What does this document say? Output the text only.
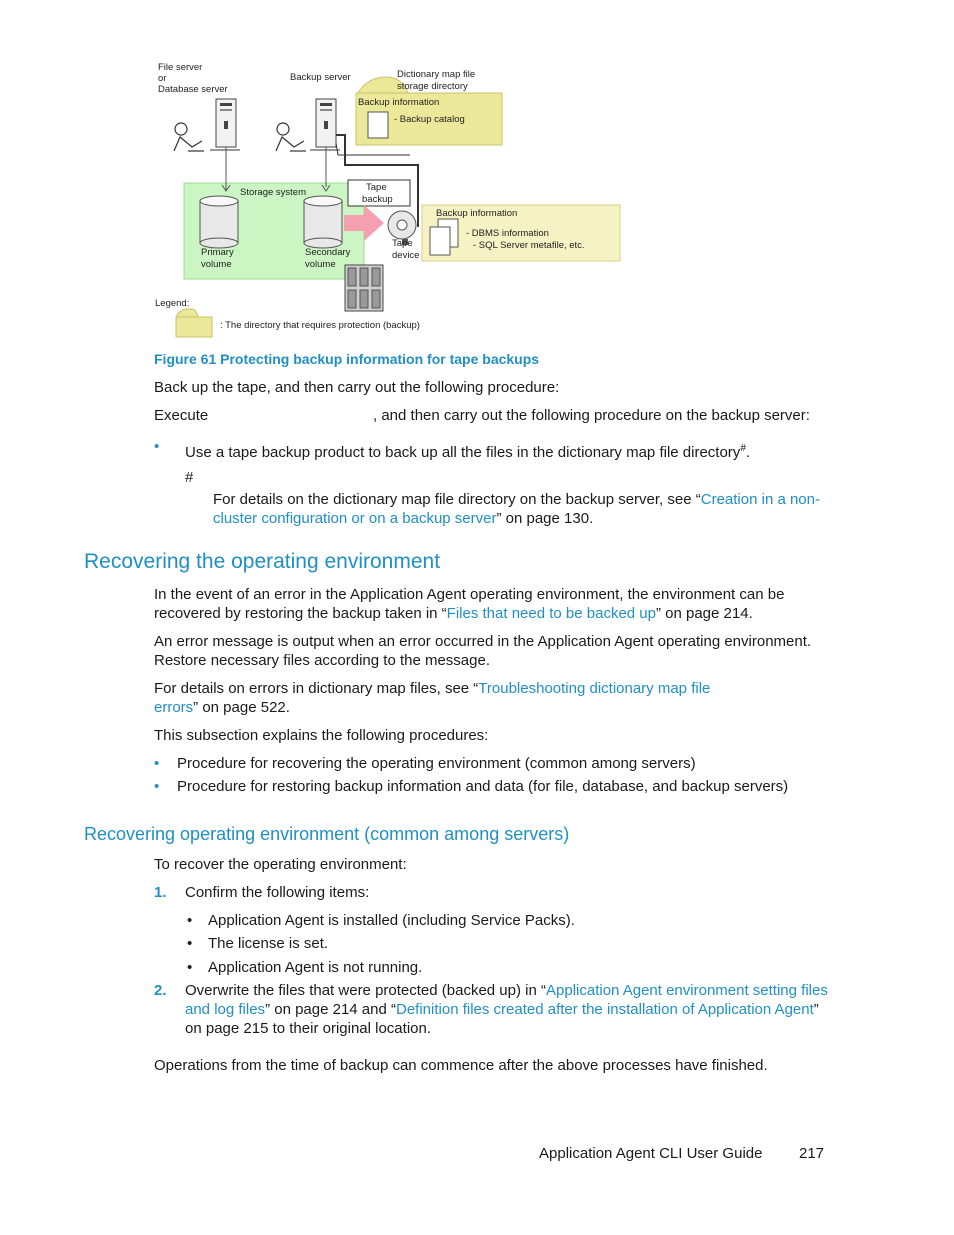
File server
or
Database server
Backup server	Dictionary map file
storage directory
Backup information
- Backup catalog
Storage system	Tape
backup
Backup information
- DBMS information
- SQL Server metafile, etc.
Primary
volume
Secondary
volume
Tape
device
Legend:
: The directory that requires protection (backup)
Figure 61 Protecting backup information for tape backups
Back up the tape, and then carry out the following procedure:
Execute	, and then carry out the following procedure on the backup server:
• Use a tape backup product to back up all the files in the dictionary map file directory#.
#
For details on the dictionary map file directory on the backup server, see “Creation in a non-cluster configuration or on a backup server” on page 130.
Recovering the operating environment
In the event of an error in the Application Agent operating environment, the environment can be recovered by restoring the backup taken in “Files that need to be backed up” on page 214.
An error message is output when an error occurred in the Application Agent operating environment. Restore necessary files according to the message.
For details on errors in dictionary map files, see “Troubleshooting dictionary map file errors” on page 522.
This subsection explains the following procedures:
• Procedure for recovering the operating environment (common among servers)
• Procedure for restoring backup information and data (for file, database, and backup servers)
Recovering operating environment (common among servers)
To recover the operating environment:
1. Confirm the following items:
• Application Agent is installed (including Service Packs).
• The license is set.
• Application Agent is not running.
2. Overwrite the files that were protected (backed up) in “Application Agent environment setting files and log files” on page 214 and “Definition files created after the installation of Application Agent” on page 215 to their original location.
Operations from the time of backup can commence after the above processes have finished.
Application Agent CLI User Guide 217
